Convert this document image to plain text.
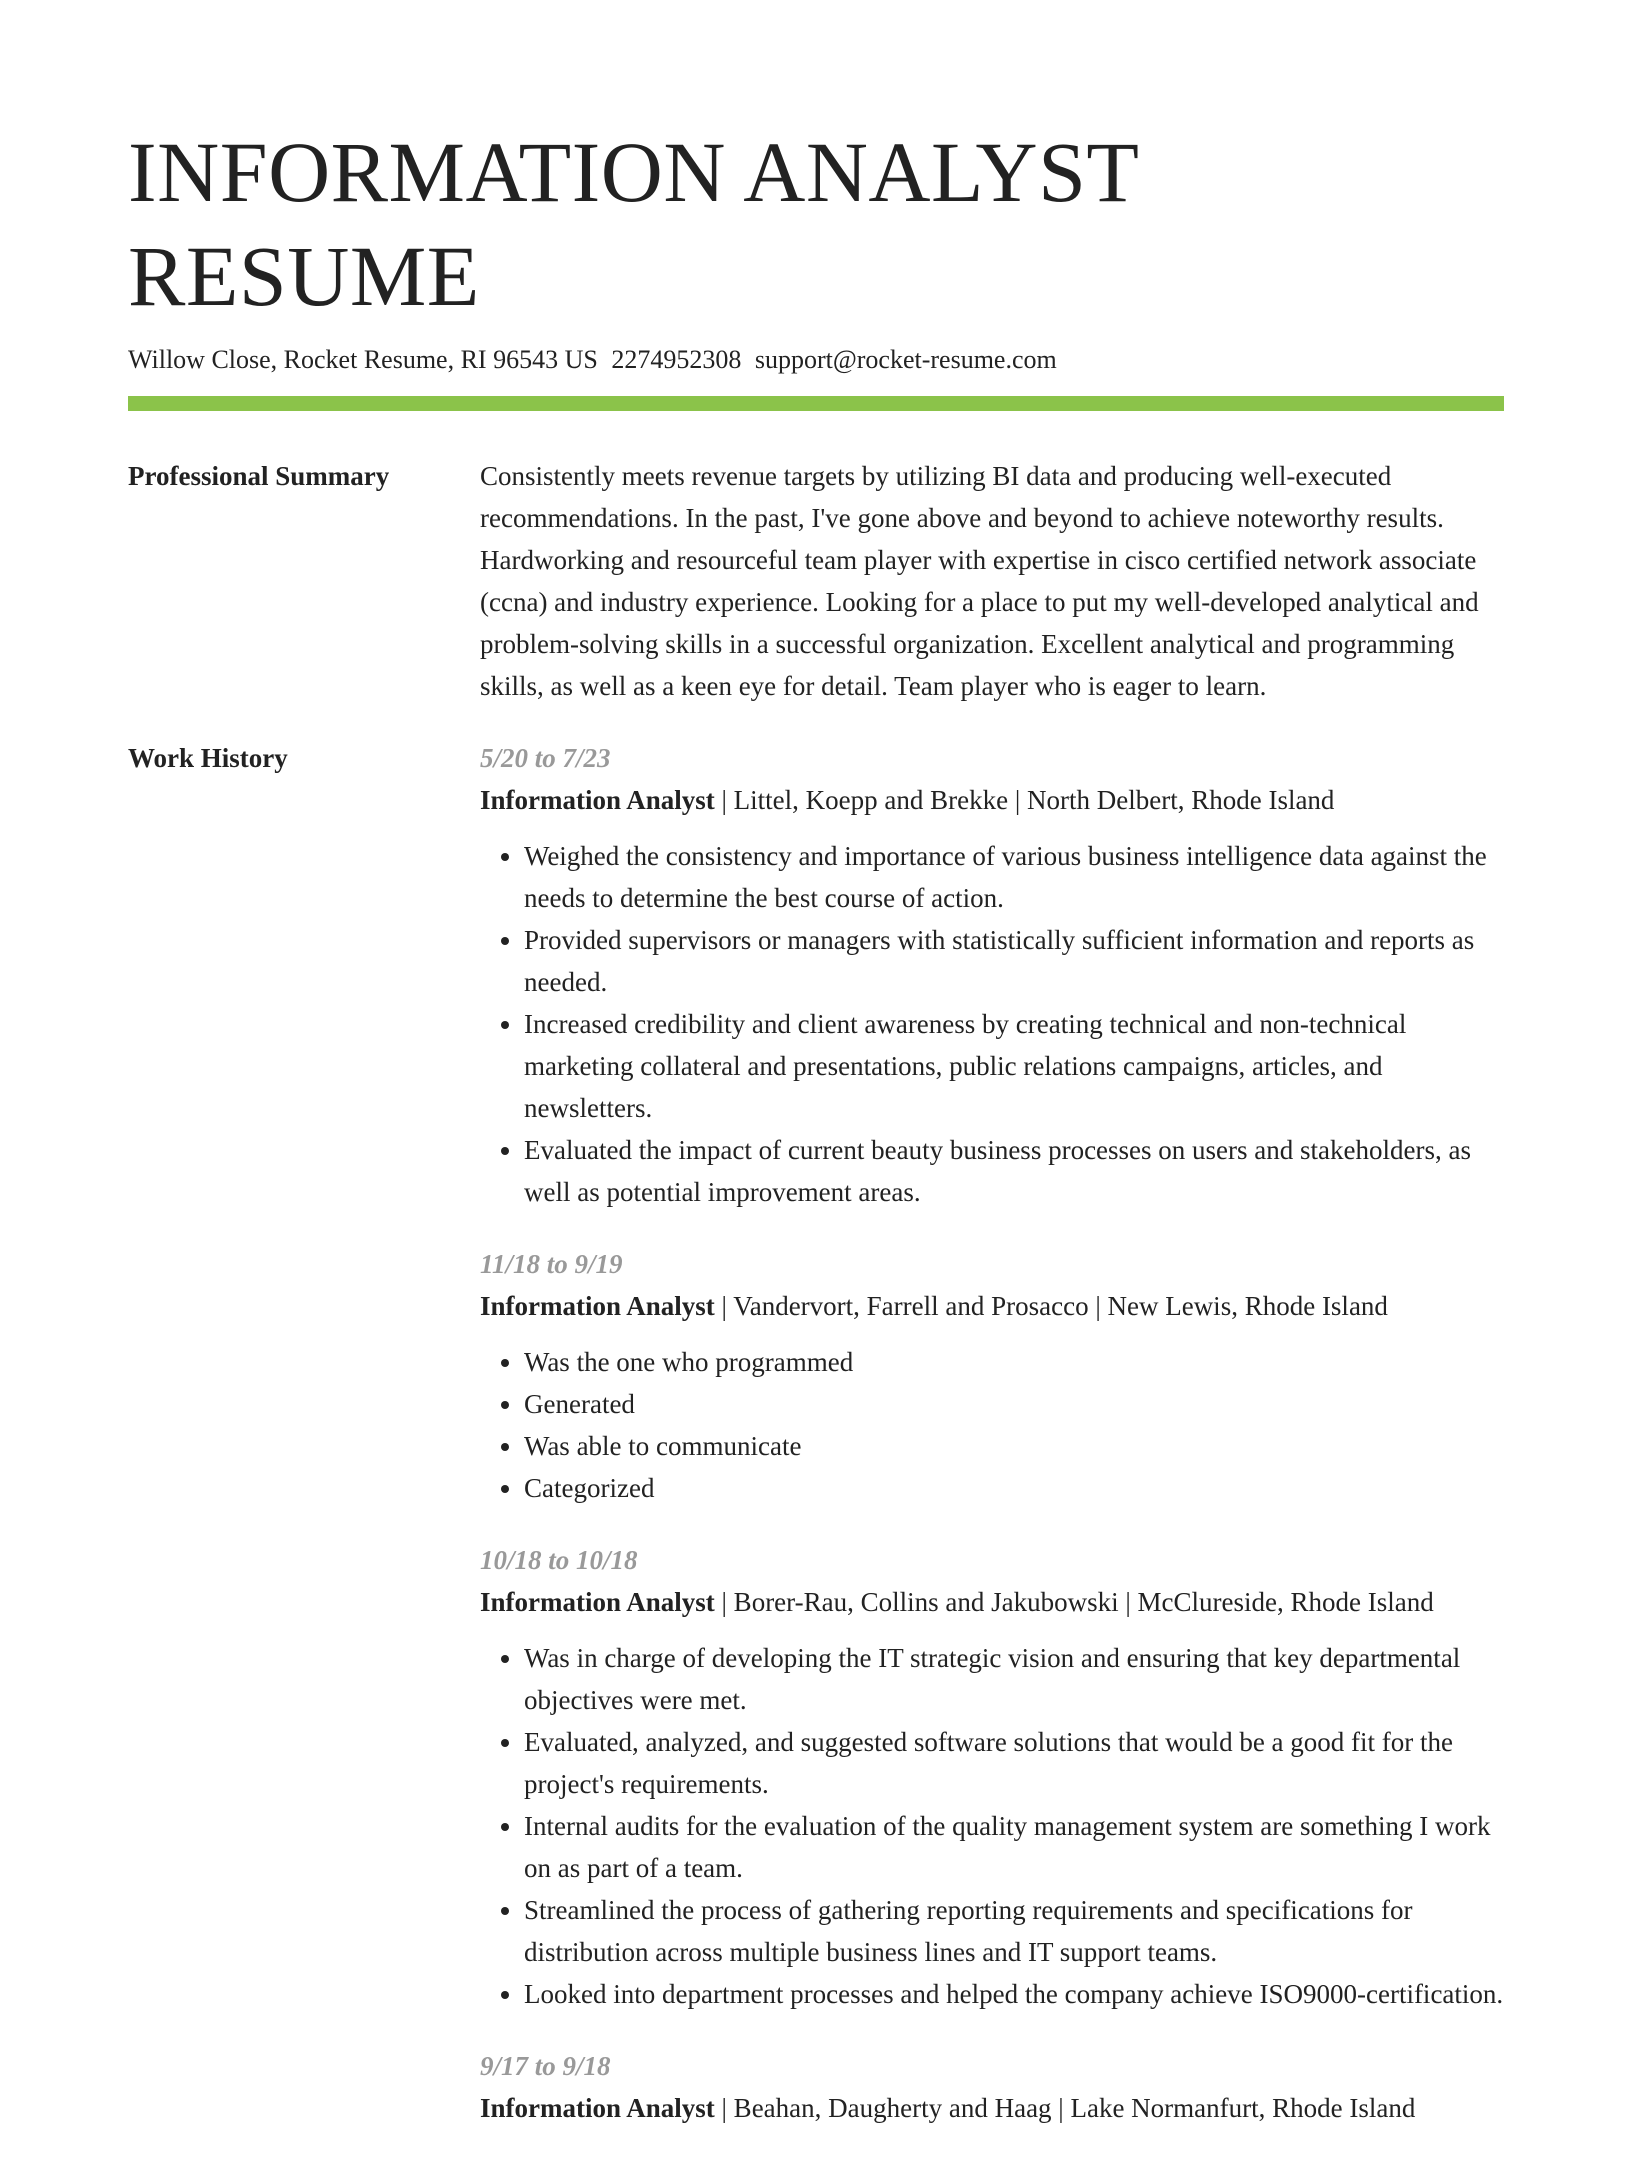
INFORMATION ANALYST RESUME
Willow Close, Rocket Resume, RI 96543 US 2274952308 support@rocket-resume.com
Professional Summary	Consistently meets revenue targets by utilizing BI data and producing well-executed recommendations. In the past, I've gone above and beyond to achieve noteworthy results. Hardworking and resourceful team player with expertise in cisco certified network associate (ccna) and industry experience. Looking for a place to put my well-developed analytical and problem-solving skills in a successful organization. Excellent analytical and programming skills, as well as a keen eye for detail. Team player who is eager to learn.

Work History	5/20 to 7/23
Information Analyst | Littel, Koepp and Brekke | North Delbert, Rhode Island
• Weighed the consistency and importance of various business intelligence data against the needs to determine the best course of action.
• Provided supervisors or managers with statistically sufficient information and reports as needed.
• Increased credibility and client awareness by creating technical and non-technical marketing collateral and presentations, public relations campaigns, articles, and newsletters.
• Evaluated the impact of current beauty business processes on users and stakeholders, as well as potential improvement areas.
11/18 to 9/19
Information Analyst | Vandervort, Farrell and Prosacco | New Lewis, Rhode Island
• Was the one who programmed
• Generated
• Was able to communicate
• Categorized
10/18 to 10/18
Information Analyst | Borer-Rau, Collins and Jakubowski | McClureside, Rhode Island
• Was in charge of developing the IT strategic vision and ensuring that key departmental objectives were met.
• Evaluated, analyzed, and suggested software solutions that would be a good fit for the project's requirements.
• Internal audits for the evaluation of the quality management system are something I work on as part of a team.
• Streamlined the process of gathering reporting requirements and specifications for distribution across multiple business lines and IT support teams.
• Looked into department processes and helped the company achieve ISO9000-certification.
9/17 to 9/18
Information Analyst | Beahan, Daugherty and Haag | Lake Normanfurt, Rhode Island
